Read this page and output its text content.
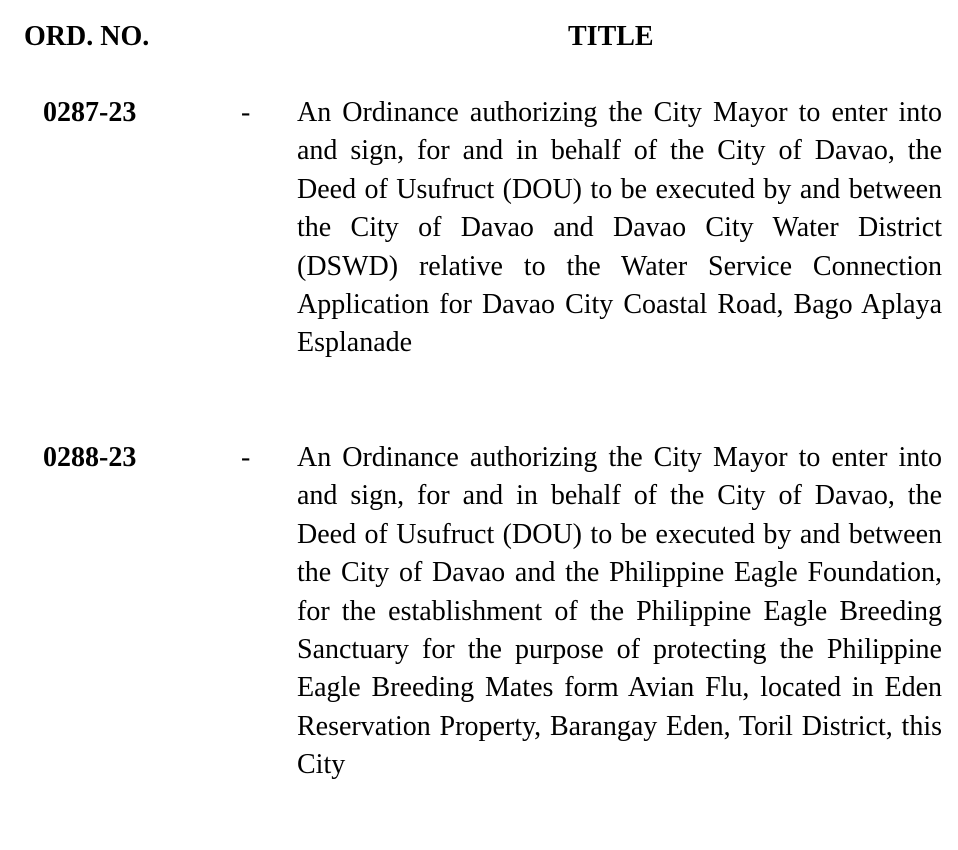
ORD. NO.	TITLE
0287-23	- An Ordinance authorizing the City Mayor to enter into and sign, for and in behalf of the City of Davao, the Deed of Usufruct (DOU) to be executed by and between the City of Davao and Davao City Water District (DSWD) relative to the Water Service Connection Application for Davao City Coastal Road, Bago Aplaya Esplanade
0288-23	- An Ordinance authorizing the City Mayor to enter into and sign, for and in behalf of the City of Davao, the Deed of Usufruct (DOU) to be executed by and between the City of Davao and the Philippine Eagle Foundation, for the establishment of the Philippine Eagle Breeding Sanctuary for the purpose of protecting the Philippine Eagle Breeding Mates form Avian Flu, located in Eden Reservation Property, Barangay Eden, Toril District, this City
